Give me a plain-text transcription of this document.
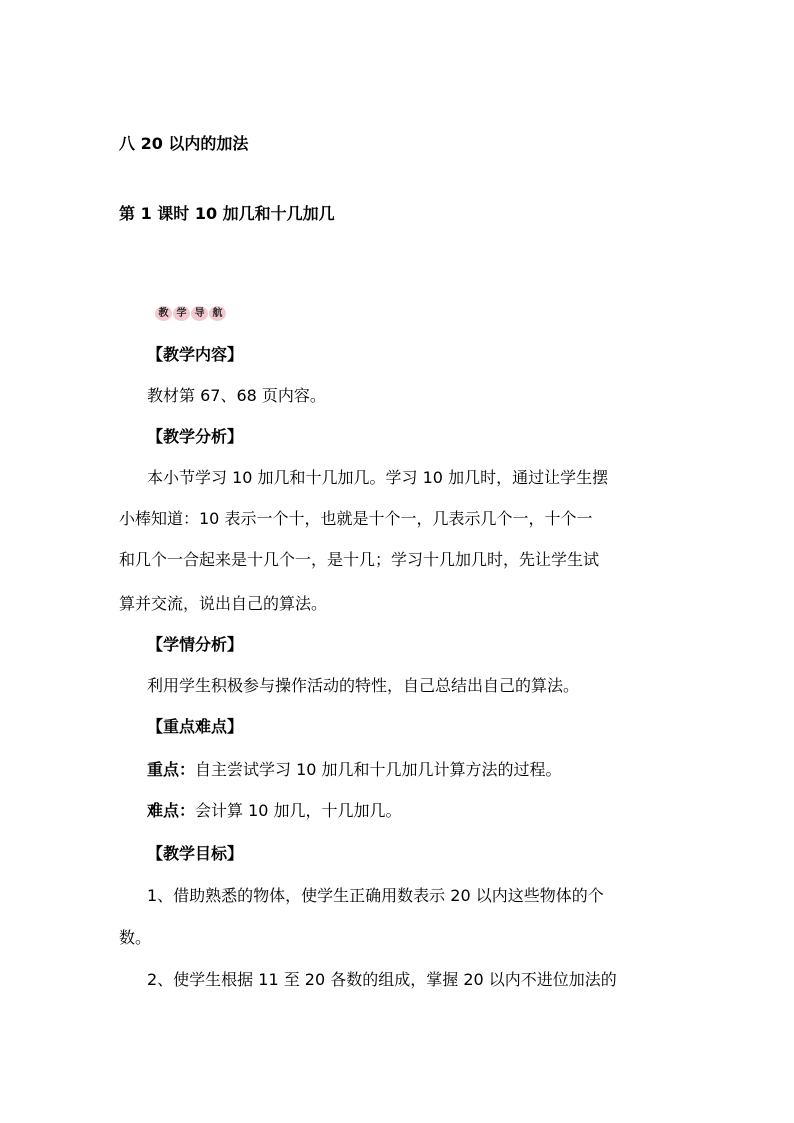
八 20 以内的加法
第 1 课时 10 加几和十几加几
教 学 导 航
【教学内容】
教材第 67、68 页内容。
【教学分析】
本小节学习 10 加几和十几加几。学习 10 加几时，通过让学生摆
小棒知道：10 表示一个十，也就是十个一，几表示几个一，十个一
和几个一合起来是十几个一，是十几；学习十几加几时，先让学生试
算并交流，说出自己的算法。
【学情分析】
利用学生积极参与操作活动的特性，自己总结出自己的算法。
【重点难点】
重点：自主尝试学习 10 加几和十几加几计算方法的过程。
难点：会计算 10 加几，十几加几。
【教学目标】
1、借助熟悉的物体，使学生正确用数表示 20 以内这些物体的个
数。
2、使学生根据 11 至 20 各数的组成，掌握 20 以内不进位加法的
